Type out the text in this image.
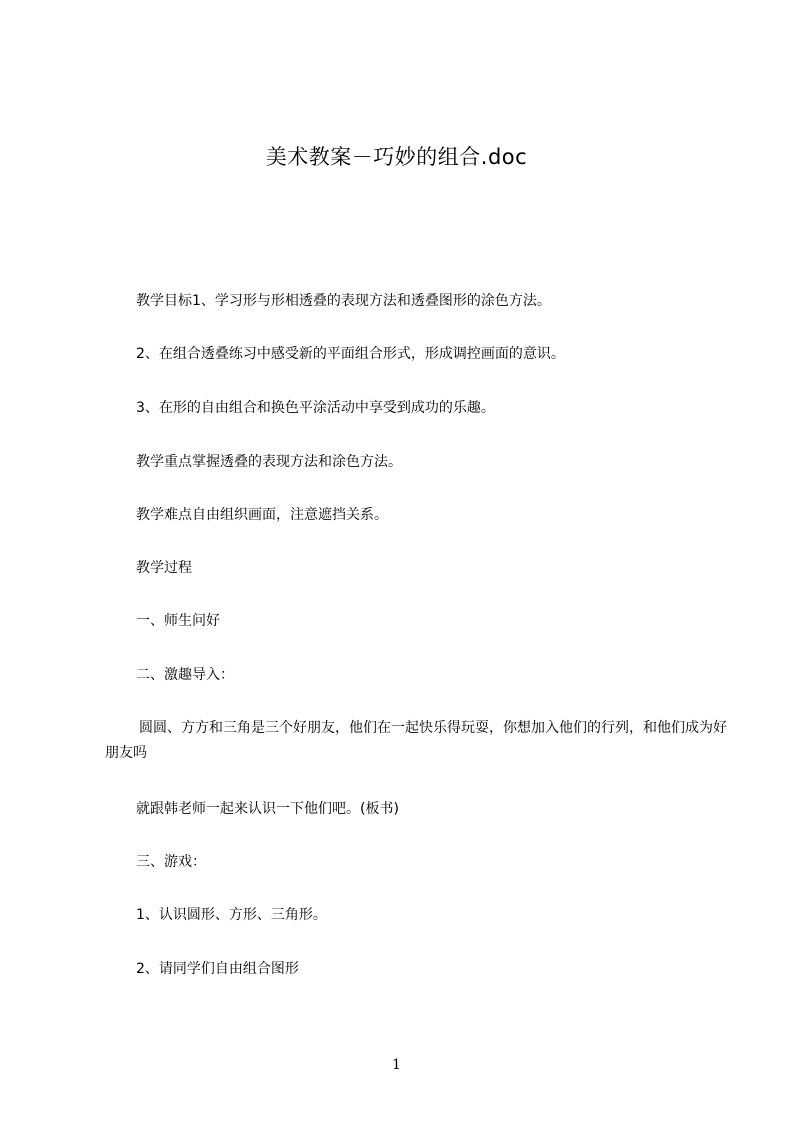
美术教案－巧妙的组合.doc
教学目标1、学习形与形相透叠的表现方法和透叠图形的涂色方法。
2、在组合透叠练习中感受新的平面组合形式，形成调控画面的意识。
3、在形的自由组合和换色平涂活动中享受到成功的乐趣。
教学重点掌握透叠的表现方法和涂色方法。
教学难点自由组织画面，注意遮挡关系。
教学过程
一、师生问好
二、激趣导入：
圆圆、方方和三角是三个好朋友，他们在一起快乐得玩耍，你想加入他们的行列，和他们成为好朋友吗
就跟韩老师一起来认识一下他们吧。(板书)
三、游戏：
1、认识圆形、方形、三角形。
2、请同学们自由组合图形
1
